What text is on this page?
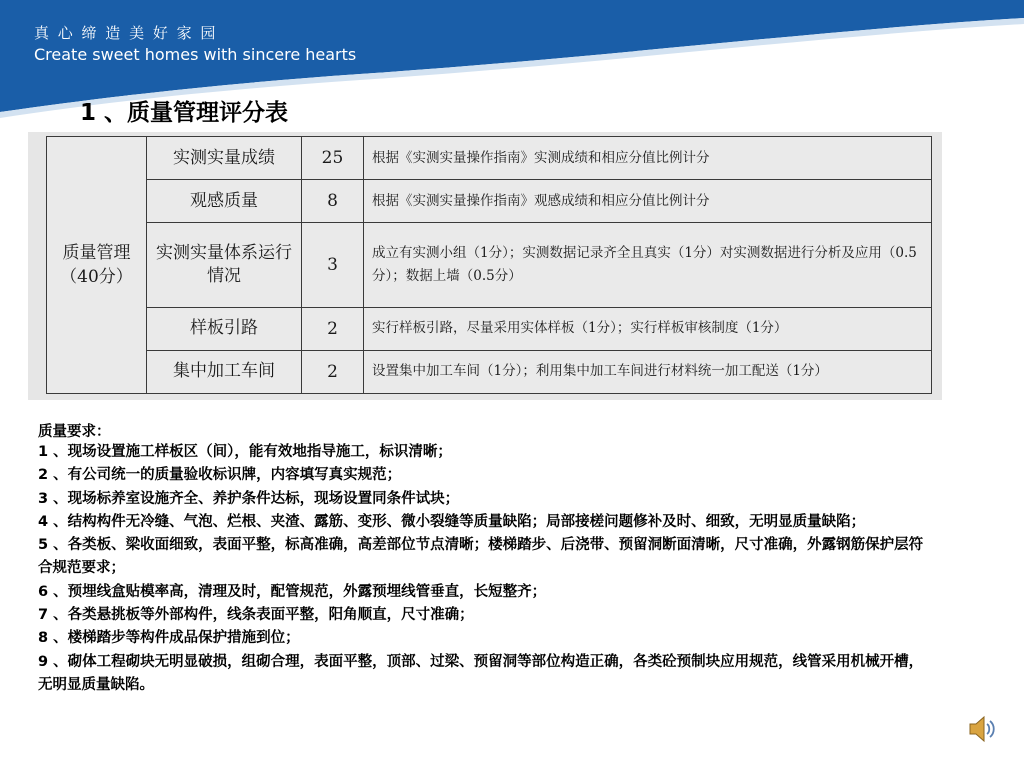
真 心 缔 造 美 好 家 园
Create sweet homes with sincere hearts
1 、质量管理评分表
质量管理（40分）	实测实量成绩	25	根据《实测实量操作指南》实测成绩和相应分值比例计分
	观感质量	8	根据《实测实量操作指南》观感成绩和相应分值比例计分
	实测实量体系运行情况	3	成立有实测小组（1分）；实测数据记录齐全且真实（1分）对实测数据进行分析及应用（0.5分）；数据上墙（0.5分）
	样板引路	2	实行样板引路，尽量采用实体样板（1分）；实行样板审核制度（1分）
	集中加工车间	2	设置集中加工车间（1分）；利用集中加工车间进行材料统一加工配送（1分）
质量要求：
1 、现场设置施工样板区（间），能有效地指导施工，标识清晰；
2 、有公司统一的质量验收标识牌，内容填写真实规范；
3 、现场标养室设施齐全、养护条件达标，现场设置同条件试块；
4 、结构构件无冷缝、气泡、烂根、夹渣、露筋、变形、微小裂缝等质量缺陷；局部接槎问题修补及时、细致，无明显质量缺陷；
5 、各类板、梁收面细致，表面平整，标高准确，高差部位节点清晰；楼梯踏步、后浇带、预留洞断面清晰，尺寸准确，外露钢筋保护层符合规范要求；
6 、预埋线盒贴模率高，清理及时，配管规范，外露预埋线管垂直，长短整齐；
7 、各类悬挑板等外部构件，线条表面平整，阳角顺直，尺寸准确；
8 、楼梯踏步等构件成品保护措施到位；
9 、砌体工程砌块无明显破损，组砌合理，表面平整，顶部、过梁、预留洞等部位构造正确，各类砼预制块应用规范，线管采用机械开槽，无明显质量缺陷。
